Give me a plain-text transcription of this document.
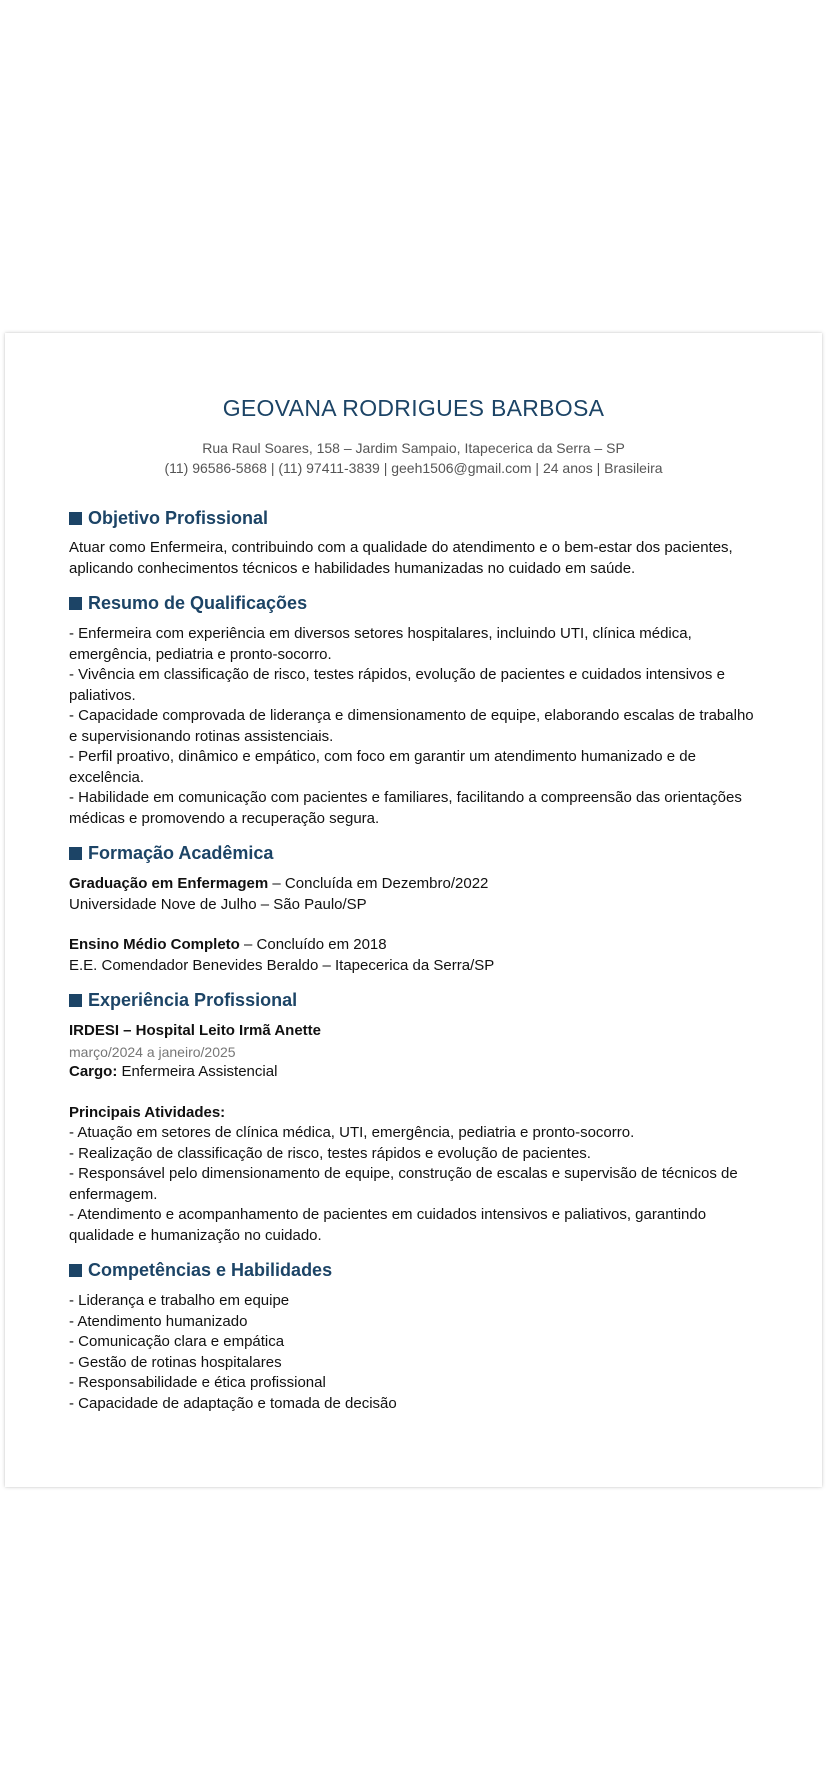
GEOVANA RODRIGUES BARBOSA
Rua Raul Soares, 158 – Jardim Sampaio, Itapecerica da Serra – SP
(11) 96586-5868 | (11) 97411-3839 | geeh1506@gmail.com | 24 anos | Brasileira
Objetivo Profissional
Atuar como Enfermeira, contribuindo com a qualidade do atendimento e o bem-estar dos pacientes, aplicando conhecimentos técnicos e habilidades humanizadas no cuidado em saúde.
Resumo de Qualificações
- Enfermeira com experiência em diversos setores hospitalares, incluindo UTI, clínica médica, emergência, pediatria e pronto-socorro.
- Vivência em classificação de risco, testes rápidos, evolução de pacientes e cuidados intensivos e paliativos.
- Capacidade comprovada de liderança e dimensionamento de equipe, elaborando escalas de trabalho e supervisionando rotinas assistenciais.
- Perfil proativo, dinâmico e empático, com foco em garantir um atendimento humanizado e de excelência.
- Habilidade em comunicação com pacientes e familiares, facilitando a compreensão das orientações médicas e promovendo a recuperação segura.
Formação Acadêmica
Graduação em Enfermagem – Concluída em Dezembro/2022
Universidade Nove de Julho – São Paulo/SP
Ensino Médio Completo – Concluído em 2018
E.E. Comendador Benevides Beraldo – Itapecerica da Serra/SP
Experiência Profissional
IRDESI – Hospital Leito Irmã Anette
março/2024 a janeiro/2025
Cargo: Enfermeira Assistencial
Principais Atividades:
- Atuação em setores de clínica médica, UTI, emergência, pediatria e pronto-socorro.
- Realização de classificação de risco, testes rápidos e evolução de pacientes.
- Responsável pelo dimensionamento de equipe, construção de escalas e supervisão de técnicos de enfermagem.
- Atendimento e acompanhamento de pacientes em cuidados intensivos e paliativos, garantindo qualidade e humanização no cuidado.
Competências e Habilidades
- Liderança e trabalho em equipe
- Atendimento humanizado
- Comunicação clara e empática
- Gestão de rotinas hospitalares
- Responsabilidade e ética profissional
- Capacidade de adaptação e tomada de decisão
